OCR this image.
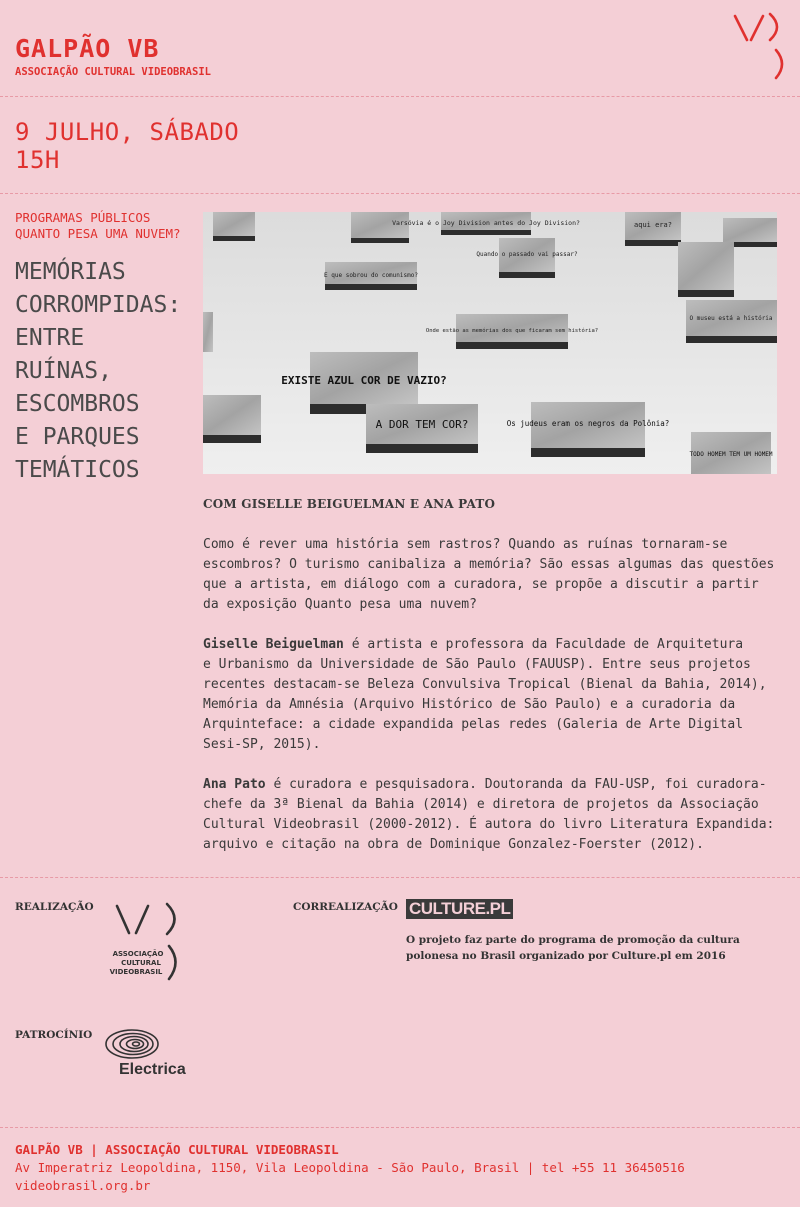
GALPÃO VB
ASSOCIAÇÃO CULTURAL VIDEOBRASIL
9 JULHO, SÁBADO
15H
PROGRAMAS PÚBLICOS
QUANTO PESA UMA NUVEM?
MEMÓRIAS
CORROMPIDAS:
ENTRE
RUÍNAS,
ESCOMBROS
E PARQUES
TEMÁTICOS
Varsóvia é o Joy Division antes do Joy Division?	aqui era?
Quando o passado vai passar?
E que sobrou do comunismo?
Onde estão as memórias dos que ficaram sem história?
O museu está a história
EXISTE AZUL COR DE VAZIO?
A DOR TEM COR?	Os judeus eram os negros da Polônia?
TODO HOMEM TEM UM HOMEM
COM GISELLE BEIGUELMAN E ANA PATO
Como é rever uma história sem rastros? Quando as ruínas tornaram-se
escombros? O turismo canibaliza a memória? São essas algumas das questões
que a artista, em diálogo com a curadora, se propõe a discutir a partir
da exposição Quanto pesa uma nuvem?
Giselle Beiguelman é artista e professora da Faculdade de Arquitetura
e Urbanismo da Universidade de São Paulo (FAUUSP). Entre seus projetos
recentes destacam-se Beleza Convulsiva Tropical (Bienal da Bahia, 2014),
Memória da Amnésia (Arquivo Histórico de São Paulo) e a curadoria da
Arquinteface: a cidade expandida pelas redes (Galeria de Arte Digital
Sesi-SP, 2015).
Ana Pato é curadora e pesquisadora. Doutoranda da FAU-USP, foi curadora-
chefe da 3ª Bienal da Bahia (2014) e diretora de projetos da Associação
Cultural Videobrasil (2000-2012). É autora do livro Literatura Expandida:
arquivo e citação na obra de Dominique Gonzalez-Foerster (2012).
REALIZAÇÃO
ASSOCIAÇÃO
CULTURAL
VIDEOBRASIL
CORREALIZAÇÃO CULTURE.PL
O projeto faz parte do programa de promoção da cultura
polonesa no Brasil organizado por Culture.pl em 2016
PATROCÍNIO
Electrica
GALPÃO VB | ASSOCIAÇÃO CULTURAL VIDEOBRASIL
Av Imperatriz Leopoldina, 1150, Vila Leopoldina - São Paulo, Brasil | tel +55 11 36450516
videobrasil.org.br
